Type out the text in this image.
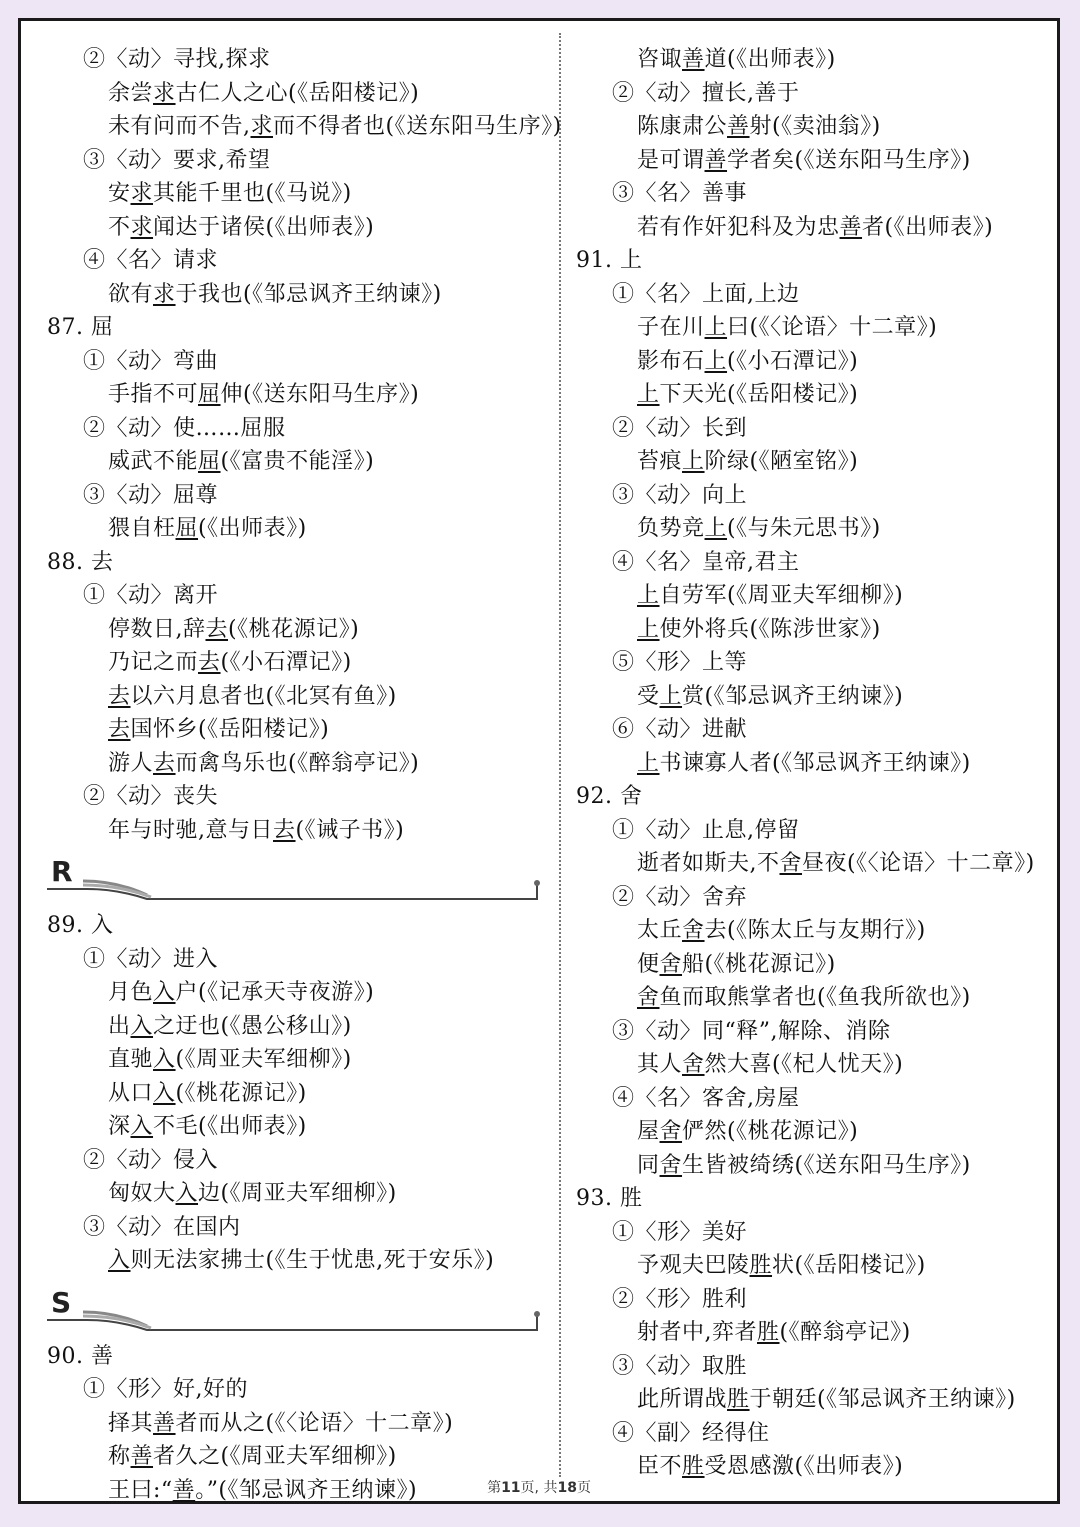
②〈动〉寻找,探求
余尝求古仁人之心(《岳阳楼记》)
未有问而不告,求而不得者也(《送东阳马生序》)
③〈动〉要求,希望
安求其能千里也(《马说》)
不求闻达于诸侯(《出师表》)
④〈名〉请求
欲有求于我也(《邹忌讽齐王纳谏》)
87. 屈
①〈动〉弯曲
手指不可屈伸(《送东阳马生序》)
②〈动〉使……屈服
威武不能屈(《富贵不能淫》)
③〈动〉屈尊
猥自枉屈(《出师表》)
88. 去
①〈动〉离开
停数日,辞去(《桃花源记》)
乃记之而去(《小石潭记》)
去以六月息者也(《北冥有鱼》)
去国怀乡(《岳阳楼记》)
游人去而禽鸟乐也(《醉翁亭记》)
②〈动〉丧失
年与时驰,意与日去(《诫子书》)
R
89. 入
①〈动〉进入
月色入户(《记承天寺夜游》)
出入之迂也(《愚公移山》)
直驰入(《周亚夫军细柳》)
从口入(《桃花源记》)
深入不毛(《出师表》)
②〈动〉侵入
匈奴大入边(《周亚夫军细柳》)
③〈动〉在国内
入则无法家拂士(《生于忧患,死于安乐》)
S
90. 善
①〈形〉好,好的
择其善者而从之(《〈论语〉十二章》)
称善者久之(《周亚夫军细柳》)
王曰:“善。”(《邹忌讽齐王纳谏》)
咨诹善道(《出师表》)
②〈动〉擅长,善于
陈康肃公善射(《卖油翁》)
是可谓善学者矣(《送东阳马生序》)
③〈名〉善事
若有作奸犯科及为忠善者(《出师表》)
91. 上
①〈名〉上面,上边
子在川上曰(《〈论语〉十二章》)
影布石上(《小石潭记》)
上下天光(《岳阳楼记》)
②〈动〉长到
苔痕上阶绿(《陋室铭》)
③〈动〉向上
负势竞上(《与朱元思书》)
④〈名〉皇帝,君主
上自劳军(《周亚夫军细柳》)
上使外将兵(《陈涉世家》)
⑤〈形〉上等
受上赏(《邹忌讽齐王纳谏》)
⑥〈动〉进献
上书谏寡人者(《邹忌讽齐王纳谏》)
92. 舍
①〈动〉止息,停留
逝者如斯夫,不舍昼夜(《〈论语〉十二章》)
②〈动〉舍弃
太丘舍去(《陈太丘与友期行》)
便舍船(《桃花源记》)
舍鱼而取熊掌者也(《鱼我所欲也》)
③〈动〉同“释”,解除、消除
其人舍然大喜(《杞人忧天》)
④〈名〉客舍,房屋
屋舍俨然(《桃花源记》)
同舍生皆被绮绣(《送东阳马生序》)
93. 胜
①〈形〉美好
予观夫巴陵胜状(《岳阳楼记》)
②〈形〉胜利
射者中,弈者胜(《醉翁亭记》)
③〈动〉取胜
此所谓战胜于朝廷(《邹忌讽齐王纳谏》)
④〈副〉经得住
臣不胜受恩感激(《出师表》)
第11页, 共18页
